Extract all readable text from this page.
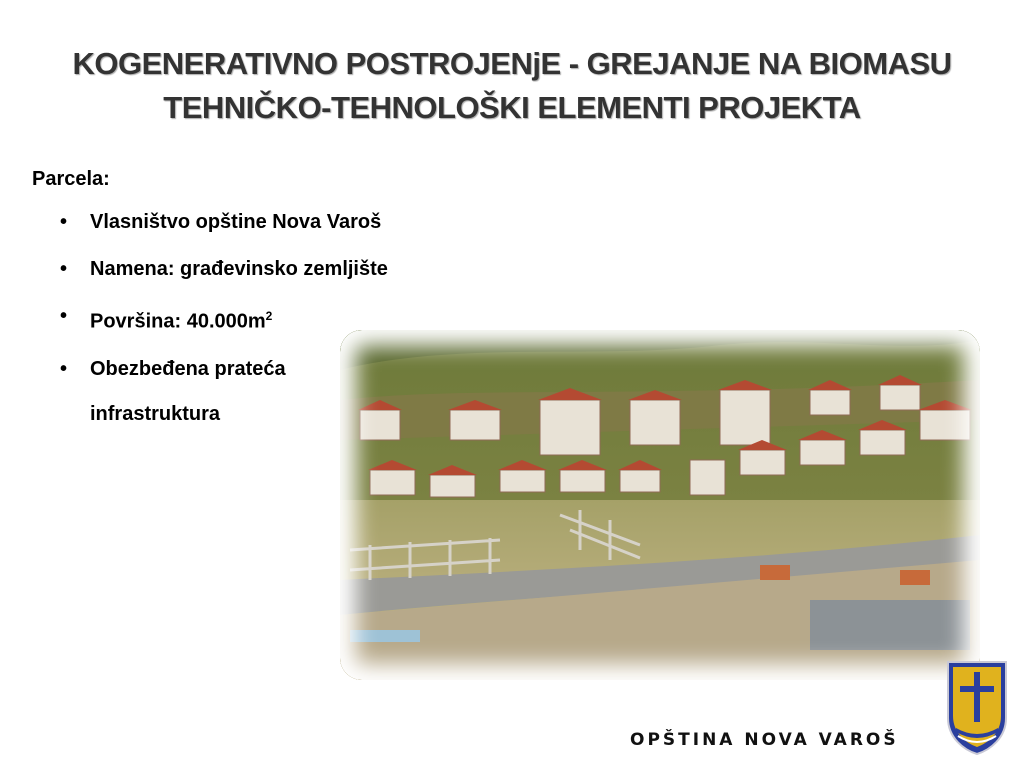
KOGENERATIVNO POSTROJENjE - GREJANJE NA BIOMASU
TEHNIČKO-TEHNOLOŠKI ELEMENTI PROJEKTA
Parcela:
• Vlasništvo opštine Nova Varoš
• Namena: građevinsko zemljište
• Površina: $40.000m^2$
• Obezbeđena prateća
infrastruktura
OPŠTINA NOVA VAROŠ
